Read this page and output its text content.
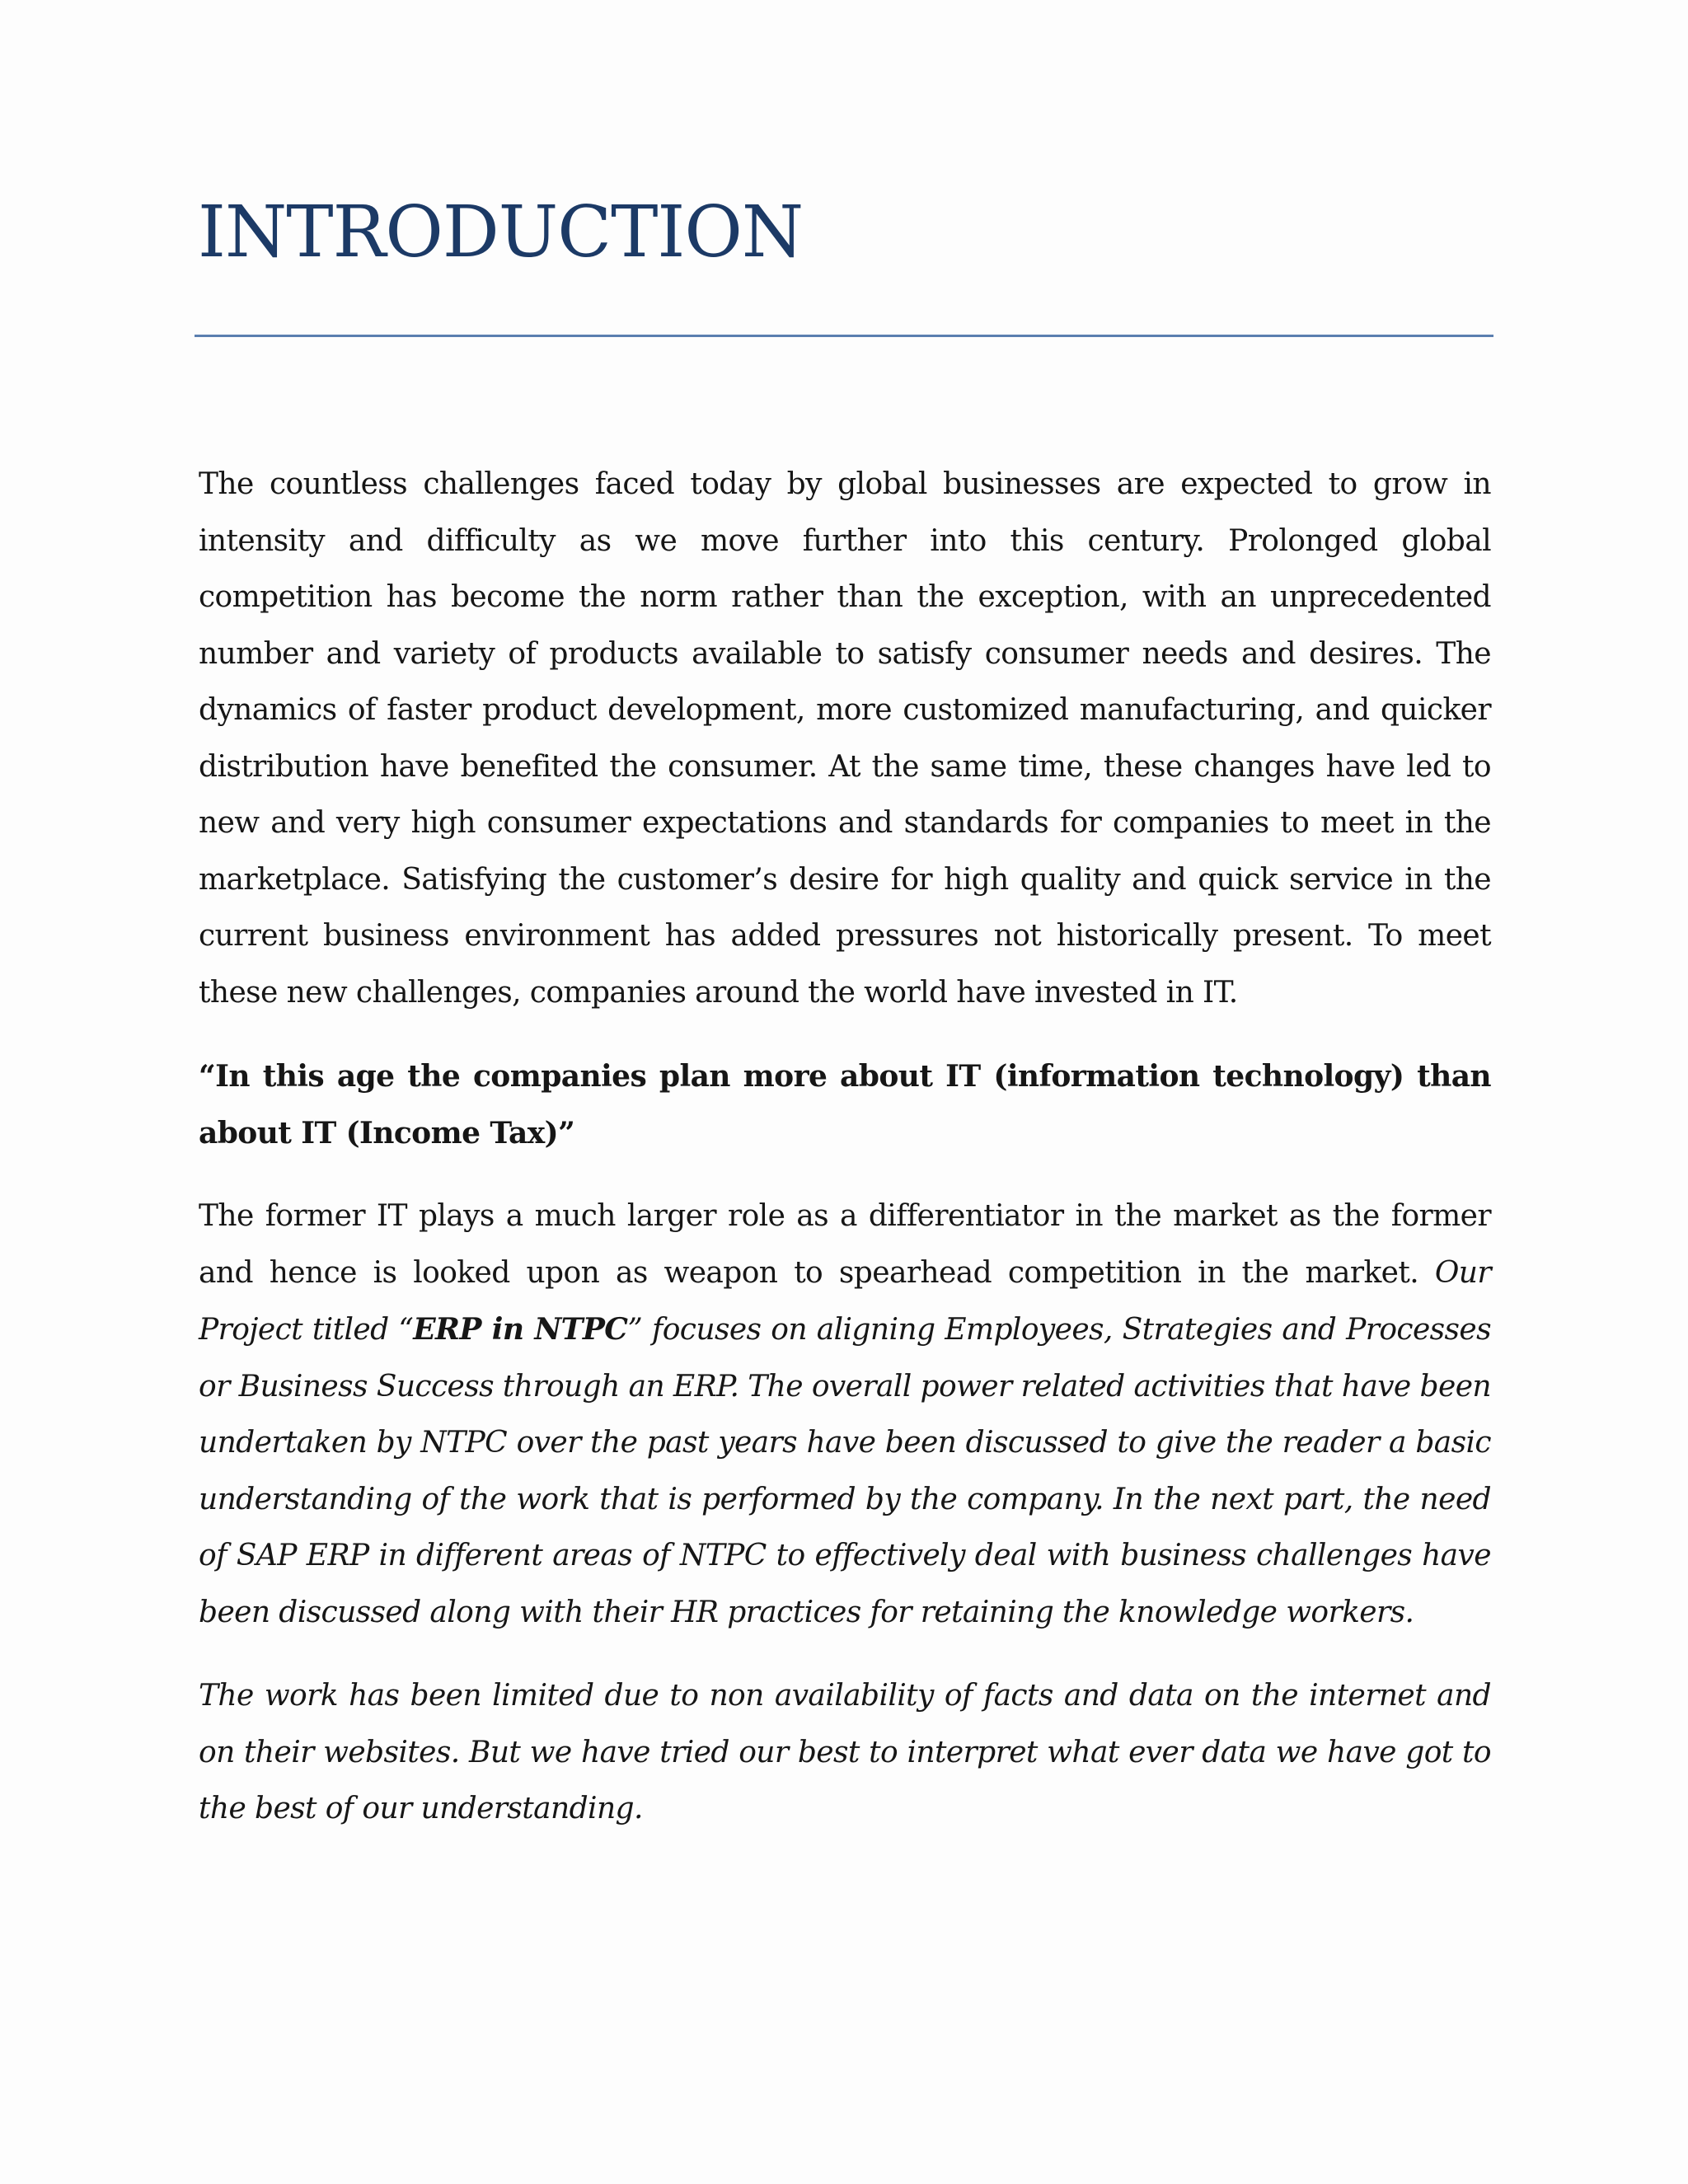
INTRODUCTION

The countless challenges faced today by global businesses are expected to grow in intensity and difficulty as we move further into this century. Prolonged global competition has become the norm rather than the exception, with an unprecedented number and variety of products available to satisfy consumer needs and desires. The dynamics of faster product development, more customized manufacturing, and quicker distribution have benefited the consumer. At the same time, these changes have led to new and very high consumer expectations and standards for companies to meet in the marketplace. Satisfying the customer’s desire for high quality and quick service in the current business environment has added pressures not historically present. To meet these new challenges, companies around the world have invested in IT.

“In this age the companies plan more about IT (information technology) than about IT (Income Tax)”

The former IT plays a much larger role as a differentiator in the market as the former and hence is looked upon as weapon to spearhead competition in the market. Our Project titled “ERP in NTPC” focuses on aligning Employees, Strategies and Processes or Business Success through an ERP. The overall power related activities that have been undertaken by NTPC over the past years have been discussed to give the reader a basic understanding of the work that is performed by the company. In the next part, the need of SAP ERP in different areas of NTPC to effectively deal with business challenges have been discussed along with their HR practices for retaining the knowledge workers.

The work has been limited due to non availability of facts and data on the internet and on their websites. But we have tried our best to interpret what ever data we have got to the best of our understanding.
